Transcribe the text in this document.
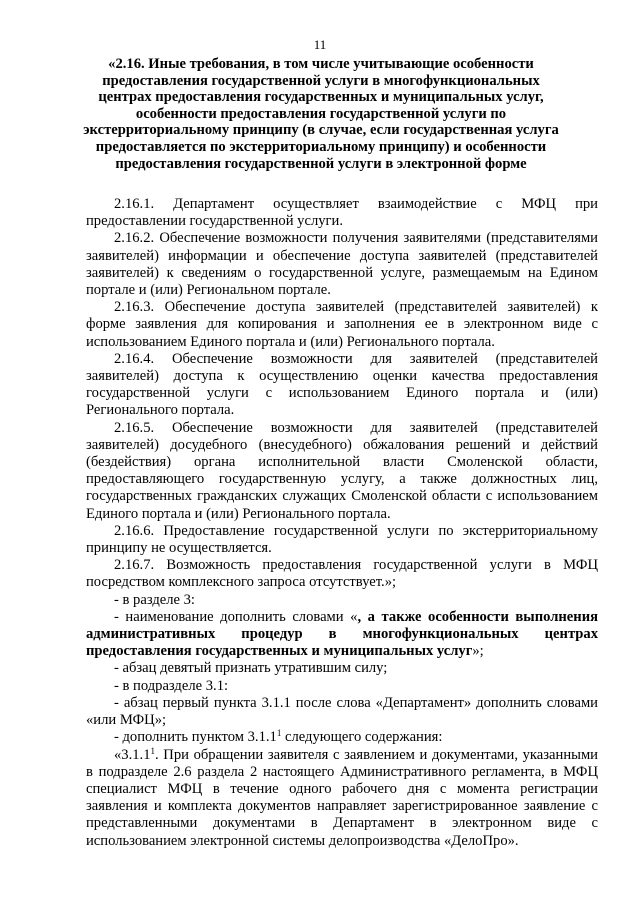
11
«2.16. Иные требования, в том числе учитывающие особенности предоставления государственной услуги в многофункциональных центрах предоставления государственных и муниципальных услуг, особенности предоставления государственной услуги по экстерриториальному принципу (в случае, если государственная услуга предоставляется по экстерриториальному принципу) и особенности предоставления государственной услуги в электронной форме

2.16.1. Департамент осуществляет взаимодействие с МФЦ при предоставлении государственной услуги.

2.16.2. Обеспечение возможности получения заявителями (представителями заявителей) информации и обеспечение доступа заявителей (представителей заявителей) к сведениям о государственной услуге, размещаемым на Едином портале и (или) Региональном портале.

2.16.3. Обеспечение доступа заявителей (представителей заявителей) к форме заявления для копирования и заполнения ее в электронном виде с использованием Единого портала и (или) Регионального портала.

2.16.4. Обеспечение возможности для заявителей (представителей заявителей) доступа к осуществлению оценки качества предоставления государственной услуги с использованием Единого портала и (или) Регионального портала.

2.16.5. Обеспечение возможности для заявителей (представителей заявителей) досудебного (внесудебного) обжалования решений и действий (бездействия) органа исполнительной власти Смоленской области, предоставляющего государственную услугу, а также должностных лиц, государственных гражданских служащих Смоленской области с использованием Единого портала и (или) Регионального портала.

2.16.6. Предоставление государственной услуги по экстерриториальному принципу не осуществляется.

2.16.7. Возможность предоставления государственной услуги в МФЦ посредством комплексного запроса отсутствует.»;

- в разделе 3:

- наименование дополнить словами «, а также особенности выполнения административных процедур в многофункциональных центрах предоставления государственных и муниципальных услуг»;

- абзац девятый признать утратившим силу;

- в подразделе 3.1:

- абзац первый пункта 3.1.1 после слова «Департамент» дополнить словами «или МФЦ»;

- дополнить пунктом 3.1.1$^1$ следующего содержания:

«3.1.1$^1$. При обращении заявителя с заявлением и документами, указанными в подразделе 2.6 раздела 2 настоящего Административного регламента, в МФЦ специалист МФЦ в течение одного рабочего дня с момента регистрации заявления и комплекта документов направляет зарегистрированное заявление с представленными документами в Департамент в электронном виде с использованием электронной системы делопроизводства «ДелоПро».
